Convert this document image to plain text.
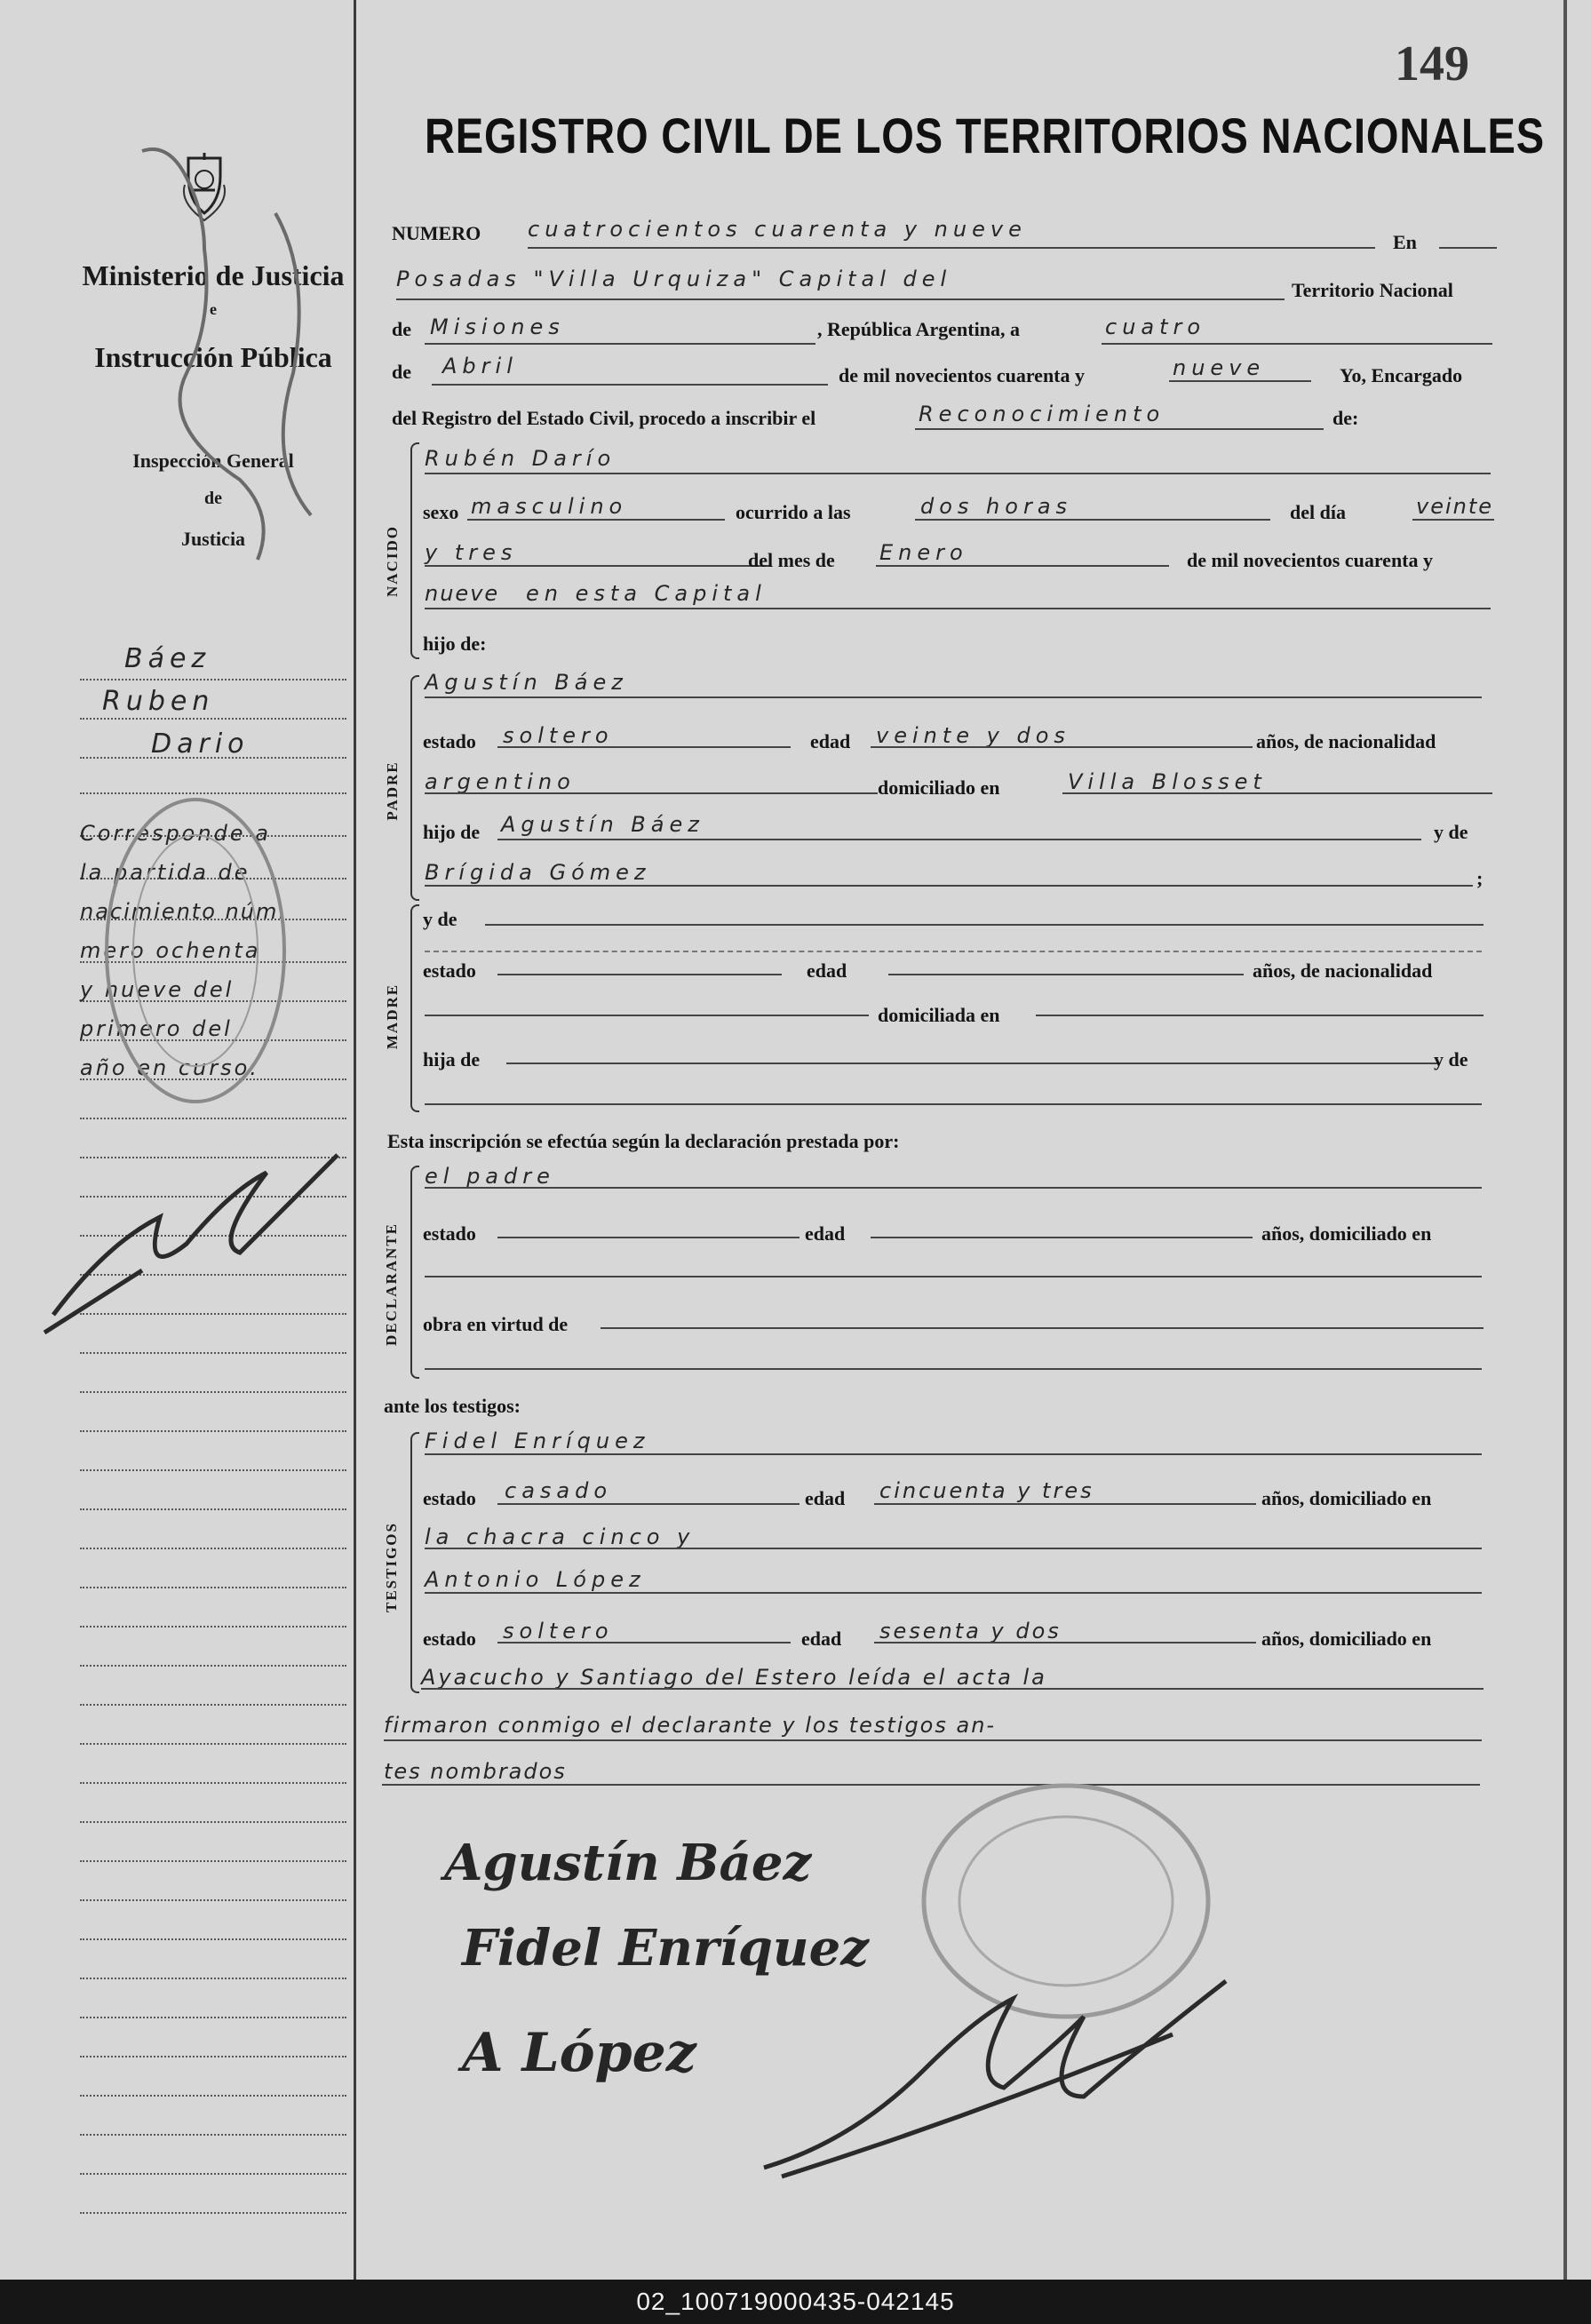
Ministerio de Justicia
e
Instrucción Pública
Inspección General
de
Justicia
Báez
Ruben
Dario
Corresponde a
la partida de
nacimiento núm.
mero ochenta
y nueve del
primero del
año en curso.
149
REGISTRO CIVIL DE LOS TERRITORIOS NACIONALES
NUMERO cuatrocientos cuarenta y nueve
En
Posadas "Villa Urquiza" Capital del	Territorio Nacional
de Misiones	, República Argentina, a	cuatro
de Abril	de mil novecientos cuarenta y	nueve	Yo, Encargado
del Registro del Estado Civil, procedo a inscribir el	Reconocimiento	de:
NACIDO
Rubén Darío
sexo masculino	ocurrido a las	dos horas	del día	veinte
y tres	del mes de Enero	de mil novecientos cuarenta y
nueve en esta Capital
hijo de:
PADRE
Agustín Báez
estado soltero	edad veinte y dos	años, de nacionalidad
argentino	domiciliado en	Villa Blosset
hijo de Agustín Báez	y de
Brígida Gómez	;
MADRE
y de
estado	edad	años, de nacionalidad
domiciliada en
hija de	y de
Esta inscripción se efectúa según la declaración prestada por:
DECLARANTE
el padre
estado	edad	años, domiciliado en
obra en virtud de
ante los testigos:
TESTIGOS
Fidel Enríquez
estado casado	edad cincuenta y tres	años, domiciliado en
la chacra cinco y
Antonio López
estado soltero	edad sesenta y dos	años, domiciliado en
Ayacucho y Santiago del Estero leída el acta la
firmaron conmigo el declarante y los testigos an-
tes nombrados
Agustín Báez
Fidel Enríquez
A López
02_100719000435-042145
